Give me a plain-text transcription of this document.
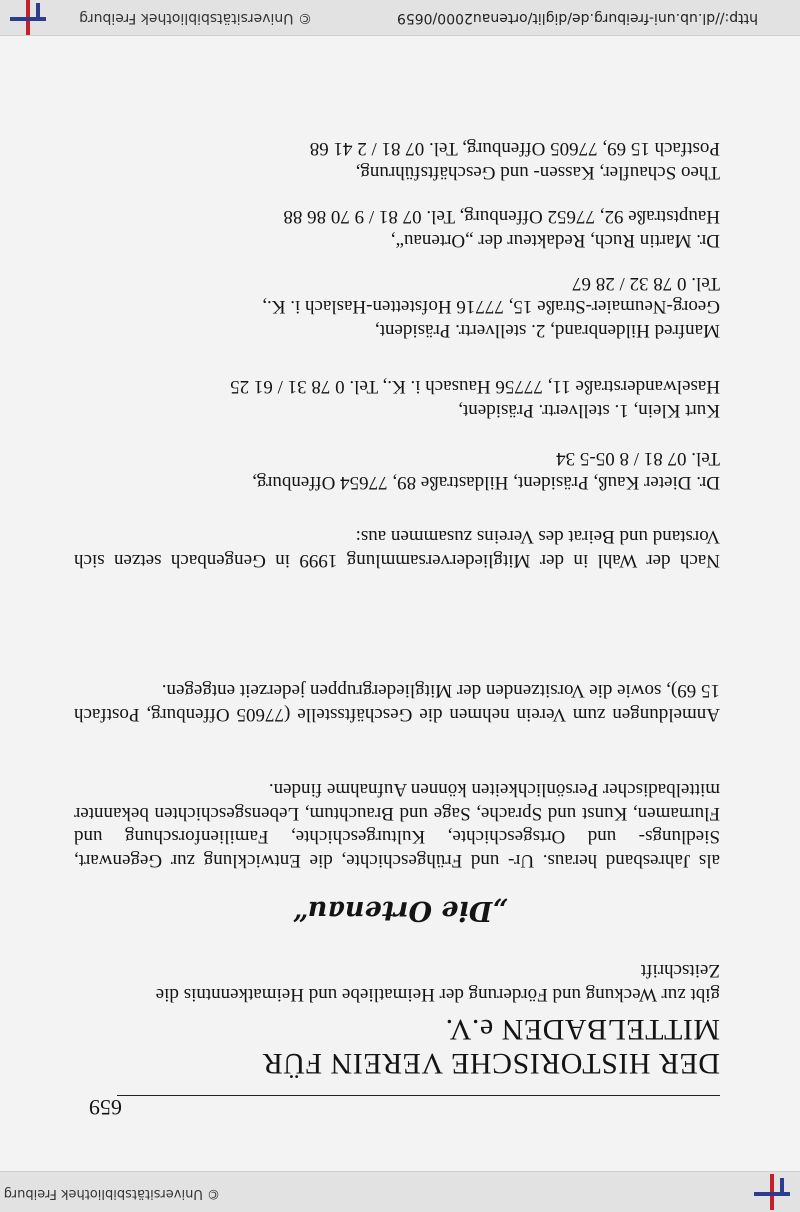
© Universitätsbibliothek Freiburg
659
DER HISTORISCHE VEREIN FÜR MITTELBADEN e.V.
gibt zur Weckung und Förderung der Heimatliebe und Heimatkenntnis die Zeitschrift
„Die Ortenau“
als Jahresband heraus. Ur- und Frühgeschichte, die Entwicklung zur Gegenwart, Siedlungs- und Ortsgeschichte, Kulturgeschichte, Familienforschung und Flurnamen, Kunst und Sprache, Sage und Brauchtum, Lebensgeschichten bekannter mittelbadischer Persönlichkeiten können Aufnahme finden.
Anmeldungen zum Verein nehmen die Geschäftsstelle (77605 Offenburg, Postfach 15 69), sowie die Vorsitzenden der Mitgliedergruppen jederzeit entgegen.
Nach der Wahl in der Mitgliederversammlung 1999 in Gengenbach setzen sich Vorstand und Beirat des Vereins zusammen aus:
Dr. Dieter Kauß, Präsident, Hildastraße 89, 77654 Offenburg,
Tel. 07 81 / 8 05-5 34
Kurt Klein, 1. stellvertr. Präsident,
Haselwanderstraße 11, 77756 Hausach i. K., Tel. 0 78 31 / 61 25
Manfred Hildenbrand, 2. stellvertr. Präsident,
Georg-Neumaier-Straße 15, 77716 Hofstetten-Haslach i. K.,
Tel. 0 78 32 / 28 67
Dr. Martin Ruch, Redakteur der „Ortenau“,
Hauptstraße 92, 77652 Offenburg, Tel. 07 81 / 9 70 86 88
Theo Schaufler, Kassen- und Geschäftsführung,
Postfach 15 69, 77605 Offenburg, Tel. 07 81 / 2 41 68
http://dl.ub.uni-freiburg.de/diglit/ortenau2000/0659
© Universitätsbibliothek Freiburg
